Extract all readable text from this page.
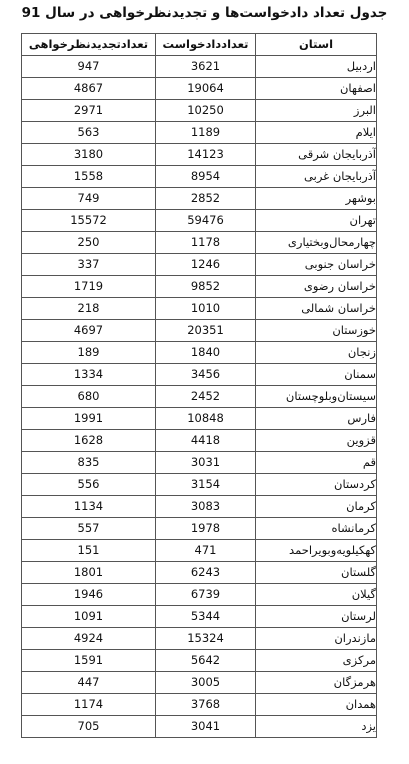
جدول تعداد دادخواست‌ها و تجدیدنظرخواهی در سال 91
تعدادتجدیدنظرخواهی	تعداددادخواست	استان
947	3621	اردبیل
4867	19064	اصفهان
2971	10250	البرز
563	1189	ایلام
3180	14123	آذربایجان شرقی
1558	8954	آذربایجان غربی
749	2852	بوشهر
15572	59476	تهران
250	1178	چهارمحال‌وبختیاری
337	1246	خراسان جنوبی
1719	9852	خراسان رضوی
218	1010	خراسان شمالی
4697	20351	خوزستان
189	1840	زنجان
1334	3456	سمنان
680	2452	سیستان‌وبلوچستان
1991	10848	فارس
1628	4418	قزوین
835	3031	قم
556	3154	کردستان
1134	3083	کرمان
557	1978	کرمانشاه
151	471	کهکیلویه‌وبویراحمد
1801	6243	گلستان
1946	6739	گیلان
1091	5344	لرستان
4924	15324	مازندران
1591	5642	مرکزی
447	3005	هرمزگان
1174	3768	همدان
705	3041	یزد
